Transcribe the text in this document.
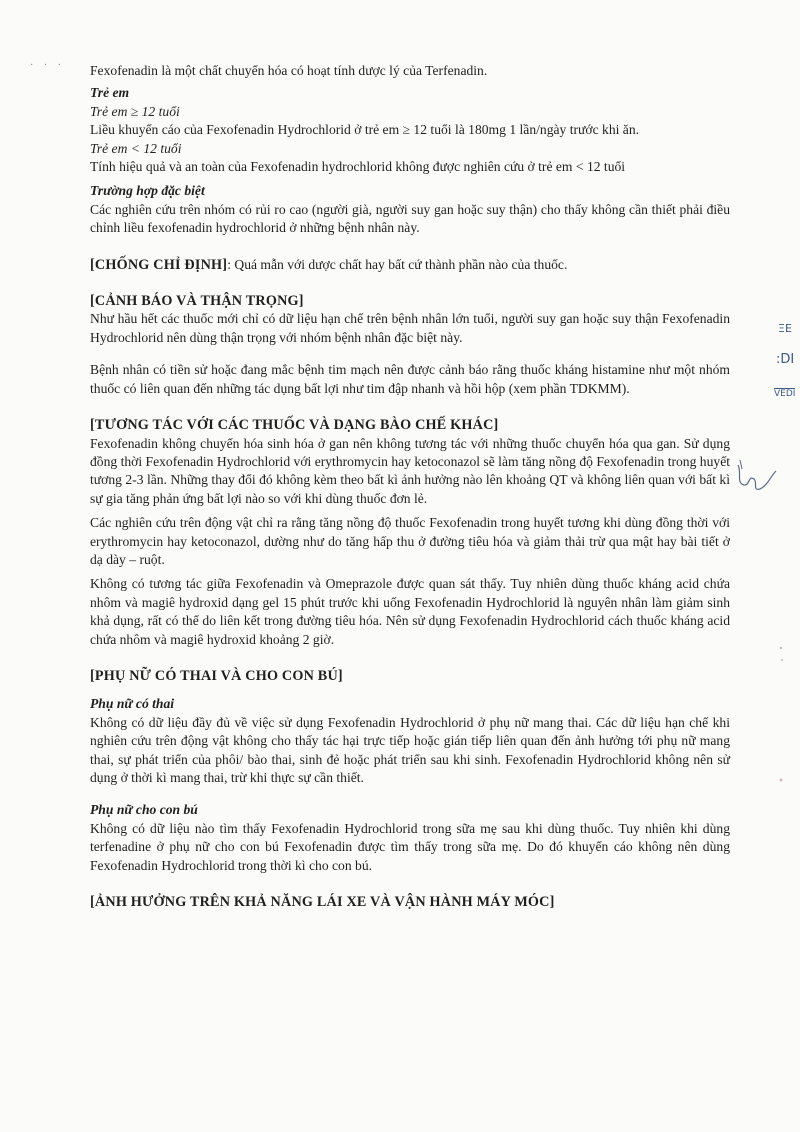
· · · Fexofenadin là một chất chuyển hóa có hoạt tính dược lý của Terfenadin.

Trẻ em

Trẻ em ≥ 12 tuổi

Liều khuyến cáo của Fexofenadin Hydrochlorid ở trẻ em ≥ 12 tuổi là 180mg 1 lần/ngày trước khi ăn.

Trẻ em < 12 tuổi

Tính hiệu quả và an toàn của Fexofenadin hydrochlorid không được nghiên cứu ở trẻ em < 12 tuổi

Trường hợp đặc biệt

Các nghiên cứu trên nhóm có rủi ro cao (người già, người suy gan hoặc suy thận) cho thấy không cần thiết phải điều chỉnh liều fexofenadin hydrochlorid ở những bệnh nhân này.

[CHỐNG CHỈ ĐỊNH]: Quá mẫn với dược chất hay bất cứ thành phần nào của thuốc.

[CẢNH BÁO VÀ THẬN TRỌNG]

Như hầu hết các thuốc mới chỉ có dữ liệu hạn chế trên bệnh nhân lớn tuổi, người suy gan hoặc suy thận Fexofenadin Hydrochlorid nên dùng thận trọng với nhóm bệnh nhân đặc biệt này.

Bệnh nhân có tiền sử hoặc đang mắc bệnh tim mạch nên được cảnh báo rằng thuốc kháng histamine như một nhóm thuốc có liên quan đến những tác dụng bất lợi như tim đập nhanh và hồi hộp (xem phần TDKMM).

[TƯƠNG TÁC VỚI CÁC THUỐC VÀ DẠNG BÀO CHẾ KHÁC]

Fexofenadin không chuyển hóa sinh hóa ở gan nên không tương tác với những thuốc chuyển hóa qua gan. Sử dụng đồng thời Fexofenadin Hydrochlorid với erythromycin hay ketoconazol sẽ làm tăng nồng độ Fexofenadin trong huyết tương 2-3 lần. Những thay đổi đó không kèm theo bất kì ảnh hưởng nào lên khoảng QT và không liên quan với bất kì sự gia tăng phản ứng bất lợi nào so với khi dùng thuốc đơn lẻ.

Các nghiên cứu trên động vật chỉ ra rằng tăng nồng độ thuốc Fexofenadin trong huyết tương khi dùng đồng thời với erythromycin hay ketoconazol, dường như do tăng hấp thu ở đường tiêu hóa và giảm thải trừ qua mật hay bài tiết ở dạ dày – ruột.

Không có tương tác giữa Fexofenadin và Omeprazole được quan sát thấy. Tuy nhiên dùng thuốc kháng acid chứa nhôm và magiê hydroxid dạng gel 15 phút trước khi uống Fexofenadin Hydrochlorid là nguyên nhân làm giảm sinh khả dụng, rất có thể do liên kết trong đường tiêu hóa. Nên sử dụng Fexofenadin Hydrochlorid cách thuốc kháng acid chứa nhôm và magiê hydroxid khoảng 2 giờ.

[PHỤ NỮ CÓ THAI VÀ CHO CON BÚ]

Phụ nữ có thai

Không có dữ liệu đầy đủ về việc sử dụng Fexofenadin Hydrochlorid ở phụ nữ mang thai. Các dữ liệu hạn chế khi nghiên cứu trên động vật không cho thấy tác hại trực tiếp hoặc gián tiếp liên quan đến ảnh hưởng tới phụ nữ mang thai, sự phát triển của phôi/ bào thai, sinh đẻ hoặc phát triển sau khi sinh. Fexofenadin Hydrochlorid không nên sử dụng ở thời kì mang thai, trừ khi thực sự cần thiết.

Phụ nữ cho con bú

Không có dữ liệu nào tìm thấy Fexofenadin Hydrochlorid trong sữa mẹ sau khi dùng thuốc. Tuy nhiên khi dùng terfenadine ở phụ nữ cho con bú Fexofenadin được tìm thấy trong sữa mẹ. Do đó khuyến cáo không nên dùng Fexofenadin Hydrochlorid trong thời kì cho con bú.

[ẢNH HƯỞNG TRÊN KHẢ NĂNG LÁI XE VÀ VẬN HÀNH MÁY MÓC]

ΞE
:DI
VEDI
